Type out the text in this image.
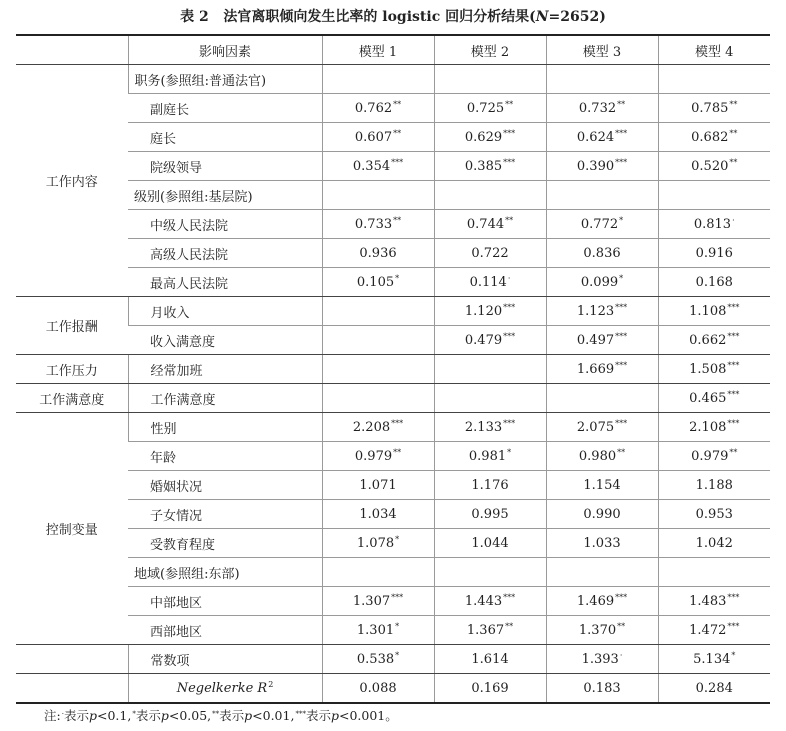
表 2 法官离职倾向发生比率的 logistic 回归分析结果(N=2652)
	影响因素	模型 1	模型 2	模型 3	模型 4
工作内容	职务(参照组:普通法官)				
	副庭长	0.762**	0.725**	0.732**	0.785**
	庭长	0.607**	0.629***	0.624***	0.682**
	院级领导	0.354***	0.385***	0.390***	0.520**
	级别(参照组:基层院)				
	中级人民法院	0.733**	0.744**	0.772*	0.813·
	高级人民法院	0.936	0.722	0.836	0.916
	最高人民法院	0.105*	0.114·	0.099*	0.168
工作报酬	月收入		1.120***	1.123***	1.108***
	收入满意度		0.479***	0.497***	0.662***
工作压力	经常加班			1.669***	1.508***
工作满意度	工作满意度				0.465***
控制变量	性别	2.208***	2.133***	2.075***	2.108***
	年龄	0.979**	0.981*	0.980**	0.979**
	婚姻状况	1.071	1.176	1.154	1.188
	子女情况	1.034	0.995	0.990	0.953
	受教育程度	1.078*	1.044	1.033	1.042
	地域(参照组:东部)				
	中部地区	1.307***	1.443***	1.469***	1.483***
	西部地区	1.301*	1.367**	1.370**	1.472***
	常数项	0.538*	1.614	1.393·	5.134*
	Negelkerke $R^2$	0.088	0.169	0.183	0.284
注:·表示p<0.1,*表示p<0.05,**表示p<0.01,***表示p<0.001。
